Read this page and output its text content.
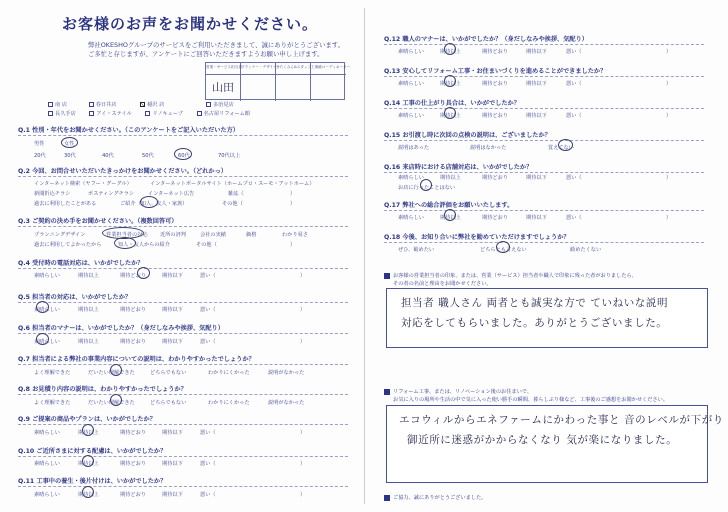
お客様のお声をお聞かせください。
弊社OKESHOグループのサービスをご利用いただきまして、誠にありがとうございます。
ご多忙と存じますが、アンケートにご回答いただきますようお願い申し上げます。
営業・サービス担当者 プランナー・デザイナー
きたくみん&スタッフ 工事統ローディネーター
山田
南 店	春日井店	稲沢 店	多治見店
長久手店	アイ・ステイル	リノキューブ	名古屋リフォーム館
Q.1 性別・年代をお聞かせください。（このアンケートをご記入いただいた方）
男性	女性
20代	30代	40代	50代	60代	70代以上
Q.2 今回、お問合せいただいたきっかけをお聞かせください。（どれかっ）
インターネット検索（ヤフー・グーグル）	インターネットポータルサイト（ホームプロ・スーモ・アットホーム）
新聞折込チラシ	ポスティングチラシ	インターネット広告	雑誌（	）
過去に利用したことがある	ご紹介（知人、友人・家族）	その他（	）
Q.3 ご契約の決め手をお聞かせください。（複数回答可）
プランニングデザイン	営業担当者の対応 近所の評判	会社の実績	価格	わかり易さ
過去に利用してよかったから	知人・友人からの紹介	その他（	）
Q.4 受付時の電話対応は、いかがでしたか？
素晴らしい	期待以上	期待どおり	期待以下	悪い（	）
Q.5 担当者の対応は、いかがでしたか？
素晴らしい	期待以上	期待どおり	期待以下	悪い（	）
Q.6 担当者のマナーは、いかがでしたか？（身だしなみや挨拶、気配り）
素晴らしい	期待以上	期待どおり	期待以下	悪い（	）
Q.7 担当者による弊社の事業内容についての説明は、わかりやすかったでしょうか？
よく理解できた	だいたい理解できた	どちらでもない	わかりにくかった	説明がなかった
Q.8 お見積り内容の説明は、わかりやすかったでしょうか？
よく理解できた	だいたい理解できた	どちらでもない	わかりにくかった	説明がなかった
Q.9 ご提案の商品やプランは、いかがでしたか？
素晴らしい	期待以上	期待どおり	期待以下	悪い（	）
Q.10 ご近所さまに対する配慮は、いかがでしたか？
素晴らしい	期待以上	期待どおり	期待以下	悪い（	）
Q.11 工事中の養生・後片付けは、いかがでしたか？
素晴らしい	期待以上	期待どおり	期待以下	悪い（	）
Q.12 職人のマナーは、いかがでしたか？（身だしなみや挨拶、気配り）
素晴らしい	期待以上	期待どおり	期待以下	悪い（	）
Q.13 安心してリフォーム工事・お住まいづくりを進めることができましたか？
素晴らしい	期待以上	期待どおり	期待以下	悪い（	）
Q.14 工事の仕上がり具合は、いかがでしたか？
素晴らしい	期待以上	期待どおり	期待以下	悪い（	）
Q.15 お引渡し時に次回の点検の説明は、ございましたか？
説明はあった	説明はなかった	覚えてない
Q.16 来店時における店舗対応は、いかがでしたか？
素晴らしい	期待以上	期待どおり	期待以下	悪い（	）
お店に行ったことはない
Q.17 弊社への総合評価をお願いいたします。
素晴らしい	期待以上	期待どおり	期待以下	悪い（	）
Q.18 今後、お知り合いに弊社を勧めていただけますでしょうか？
ぜひ、勧めたい	どちらとも言えない	勧めたくない
お客様の営業担当者の印象、または、営業（サービス）担当者や職人で印象に残った者がおりましたら、
その者の名前と理由をお聞かせください。
担当者 職人さん 両者とも誠実な方で ていねいな説明
対応をしてもらいました。ありがとうございました。
リフォーム工事、または、リノベーション後のお住まいで、
お気に入りの場所や生活の中で気に入った使い勝手の瞬間、暮らしぶり様など、工事後のご感想をお聞かせください。
エコウィルからエネファームにかわった事と 音のレベルが下がり
御近所に迷惑がかからなくなり 気が楽になりました。
ご協力、誠にありがとうございました。
